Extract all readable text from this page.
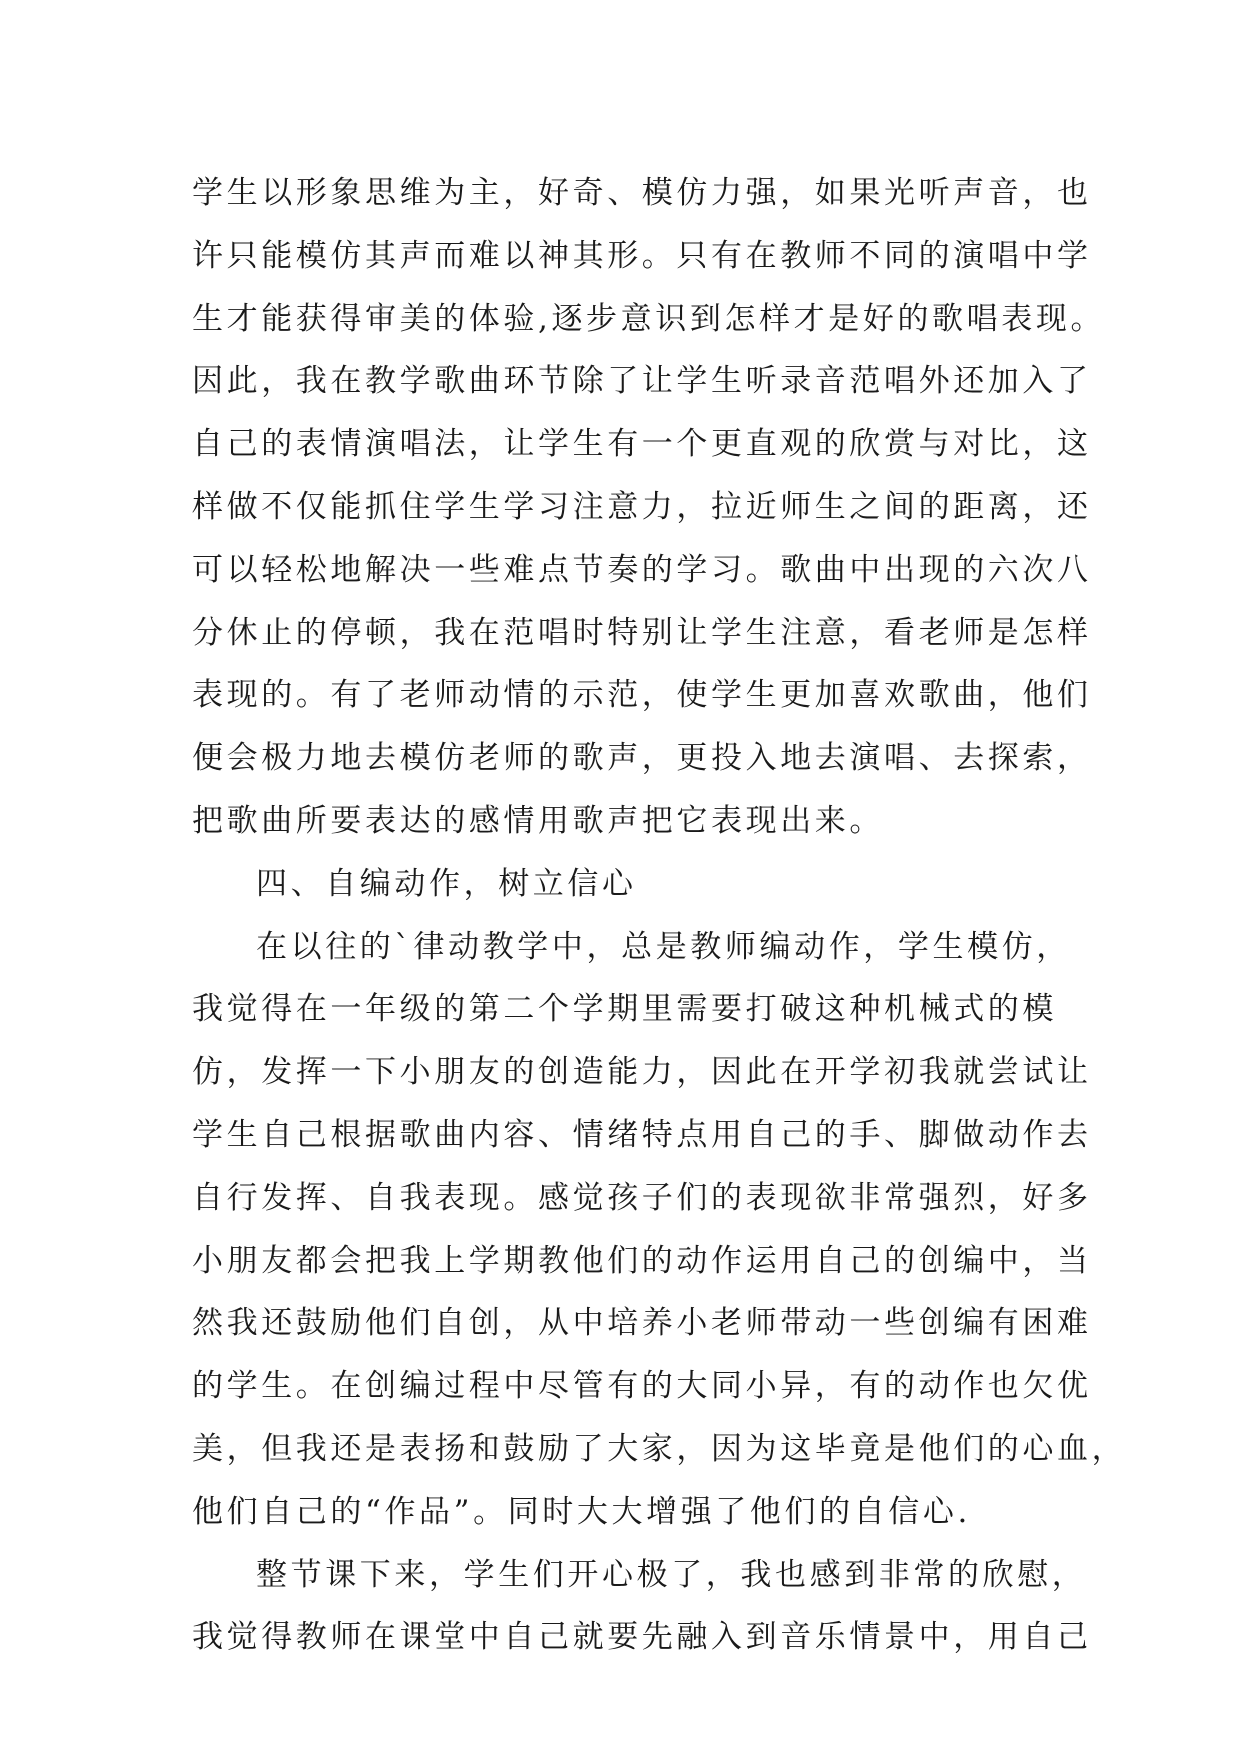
学生以形象思维为主，好奇、模仿力强，如果光听声音，也
许只能模仿其声而难以神其形。只有在教师不同的演唱中学
生才能获得审美的体验,逐步意识到怎样才是好的歌唱表现。
因此，我在教学歌曲环节除了让学生听录音范唱外还加入了
自己的表情演唱法，让学生有一个更直观的欣赏与对比，这
样做不仅能抓住学生学习注意力，拉近师生之间的距离，还
可以轻松地解决一些难点节奏的学习。歌曲中出现的六次八
分休止的停顿，我在范唱时特别让学生注意，看老师是怎样
表现的。有了老师动情的示范，使学生更加喜欢歌曲，他们
便会极力地去模仿老师的歌声，更投入地去演唱、去探索，
把歌曲所要表达的感情用歌声把它表现出来。
四、自编动作，树立信心
在以往的`律动教学中，总是教师编动作，学生模仿，
我觉得在一年级的第二个学期里需要打破这种机械式的模
仿，发挥一下小朋友的创造能力，因此在开学初我就尝试让
学生自己根据歌曲内容、情绪特点用自己的手、脚做动作去
自行发挥、自我表现。感觉孩子们的表现欲非常强烈，好多
小朋友都会把我上学期教他们的动作运用自己的创编中，当
然我还鼓励他们自创，从中培养小老师带动一些创编有困难
的学生。在创编过程中尽管有的大同小异，有的动作也欠优
美，但我还是表扬和鼓励了大家，因为这毕竟是他们的心血，
他们自己的“作品”。同时大大增强了他们的自信心.
整节课下来，学生们开心极了，我也感到非常的欣慰，
我觉得教师在课堂中自己就要先融入到音乐情景中，用自己
